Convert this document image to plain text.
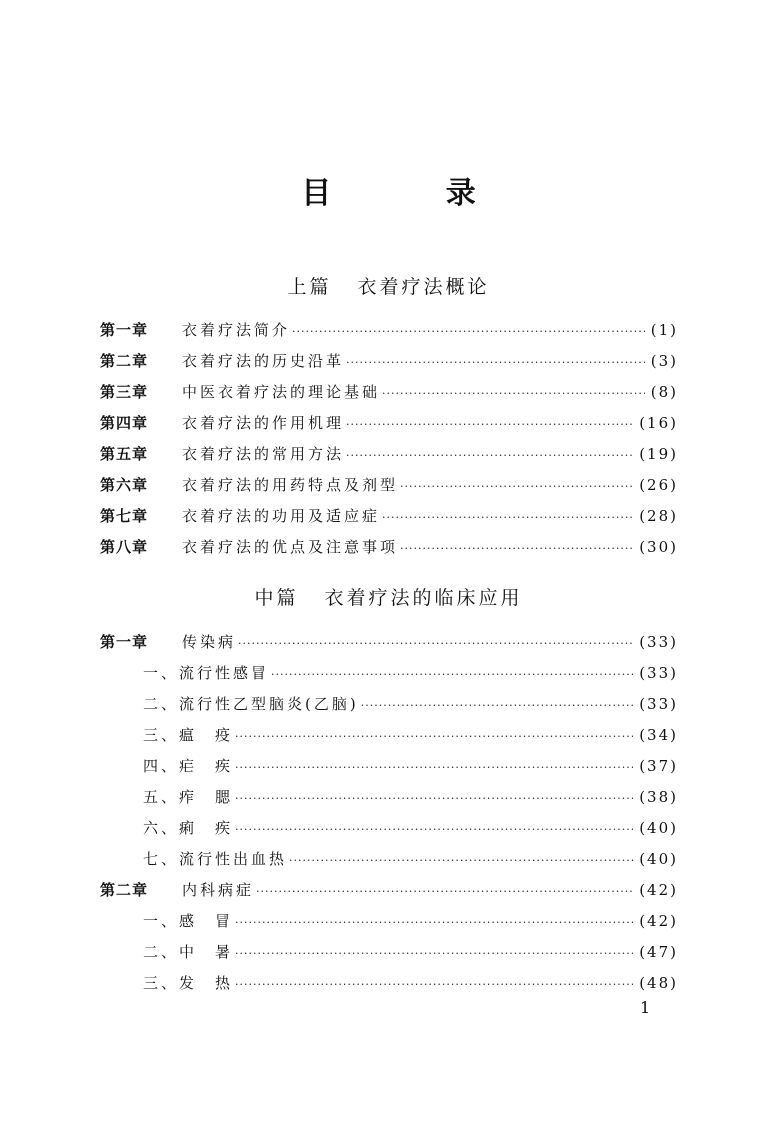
目 录
上篇 衣着疗法概论
第一章	衣着疗法简介 ·····	(1)
第二章	衣着疗法的历史沿革 ·····	(3)
第三章	中医衣着疗法的理论基础 ·····	(8)
第四章	衣着疗法的作用机理 ·····	(16)
第五章	衣着疗法的常用方法 ·····	(19)
第六章	衣着疗法的用药特点及剂型 ·····	(26)
第七章	衣着疗法的功用及适应症 ·····	(28)
第八章	衣着疗法的优点及注意事项 ·····	(30)
中篇 衣着疗法的临床应用
第一章	传染病 ·····	(33)
一、流行性感冒 ·····	(33)
二、流行性乙型脑炎(乙脑) ·····	(33)
三、瘟　疫 ·····	(34)
四、疟　疾 ·····	(37)
五、痄　腮 ·····	(38)
六、痢　疾 ·····	(40)
七、流行性出血热 ·····	(40)
第二章	内科病症 ·····	(42)
一、感　冒 ·····	(42)
二、中　暑 ·····	(47)
三、发　热 ·····	(48)
1
